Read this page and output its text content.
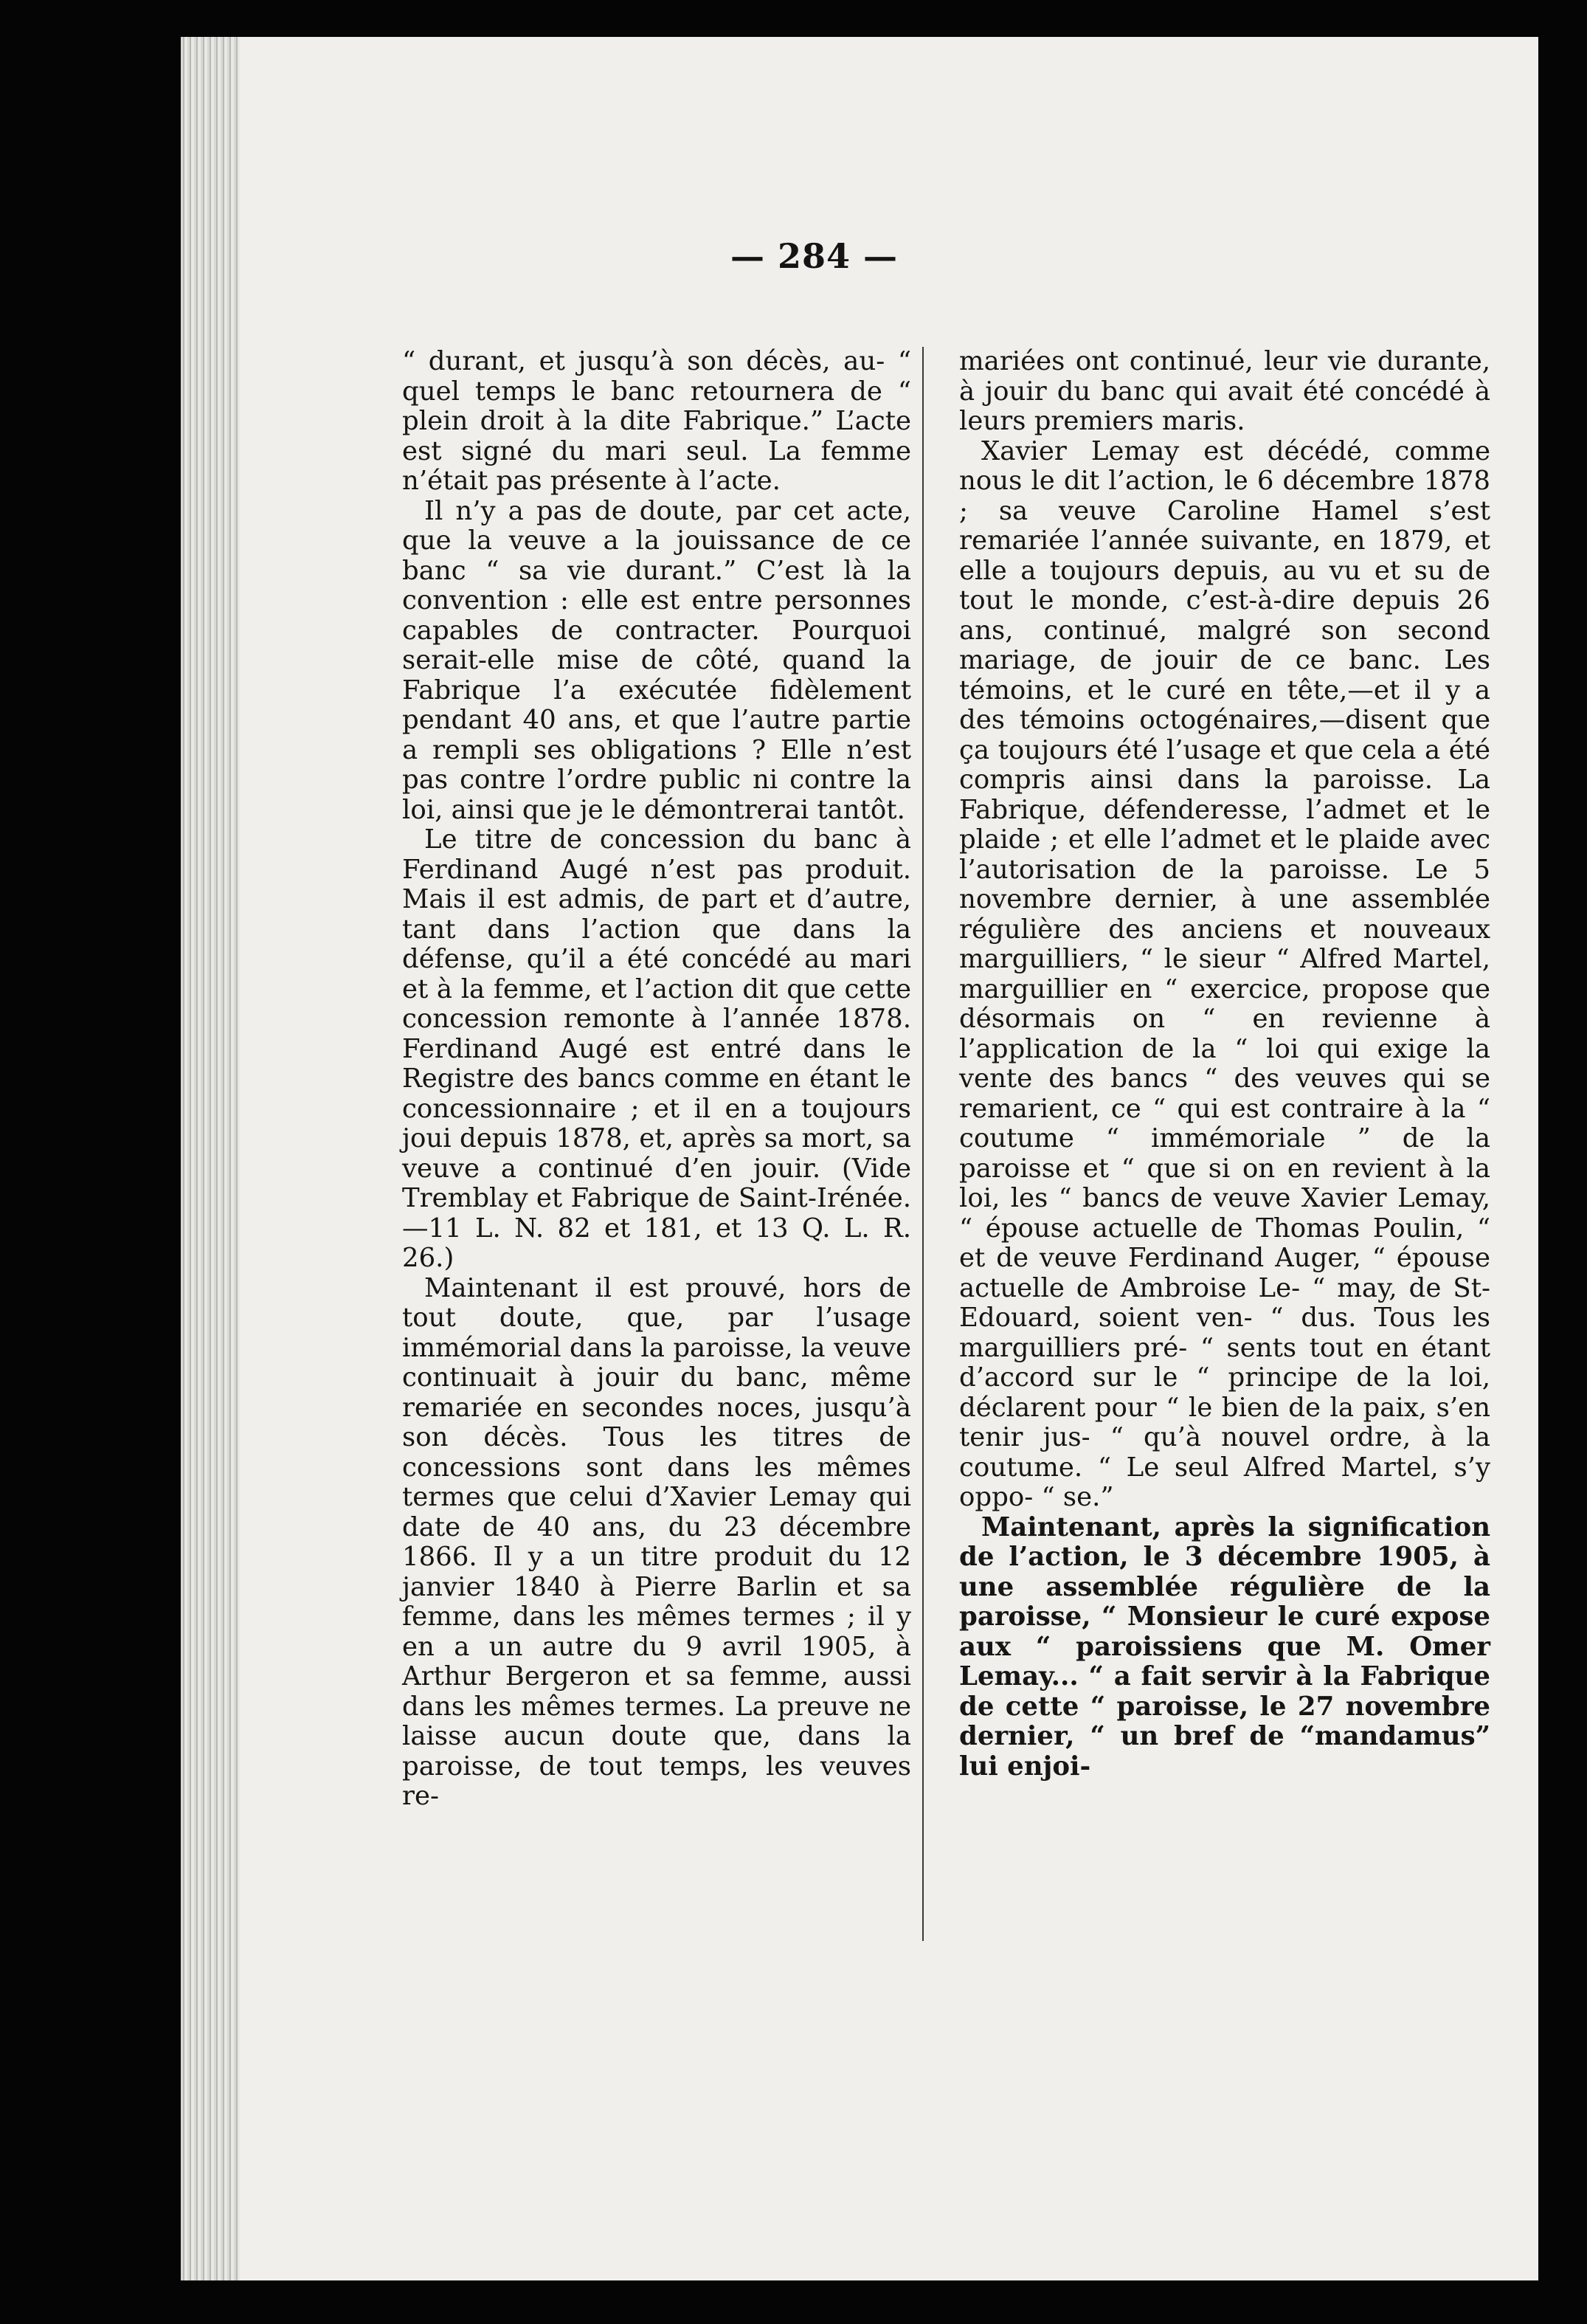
— 284 —

“ durant, et jusqu’à son décès, au- “ quel temps le banc retournera de “ plein droit à la dite Fabrique.” L’acte est signé du mari seul. La femme n’était pas présente à l’acte.

Il n’y a pas de doute, par cet acte, que la veuve a la jouissance de ce banc “ sa vie durant.” C’est là la convention : elle est entre personnes capables de contracter. Pourquoi serait-elle mise de côté, quand la Fabrique l’a exécutée fidèlement pendant 40 ans, et que l’autre partie a rempli ses obligations ? Elle n’est pas contre l’ordre public ni contre la loi, ainsi que je le démontrerai tantôt.

Le titre de concession du banc à Ferdinand Augé n’est pas produit. Mais il est admis, de part et d’autre, tant dans l’action que dans la défense, qu’il a été concédé au mari et à la femme, et l’action dit que cette concession remonte à l’année 1878. Ferdinand Augé est entré dans le Registre des bancs comme en étant le concessionnaire ; et il en a toujours joui depuis 1878, et, après sa mort, sa veuve a continué d’en jouir. (Vide Tremblay et Fabrique de Saint-Irénée.—11 L. N. 82 et 181, et 13 Q. L. R. 26.)

Maintenant il est prouvé, hors de tout doute, que, par l’usage immémorial dans la paroisse, la veuve continuait à jouir du banc, même remariée en secondes noces, jusqu’à son décès. Tous les titres de concessions sont dans les mêmes termes que celui d’Xavier Lemay qui date de 40 ans, du 23 décembre 1866. Il y a un titre produit du 12 janvier 1840 à Pierre Barlin et sa femme, dans les mêmes termes ; il y en a un autre du 9 avril 1905, à Arthur Bergeron et sa femme, aussi dans les mêmes termes. La preuve ne laisse aucun doute que, dans la paroisse, de tout temps, les veuves re-

mariées ont continué, leur vie durante, à jouir du banc qui avait été concédé à leurs premiers maris.

Xavier Lemay est décédé, comme nous le dit l’action, le 6 décembre 1878 ; sa veuve Caroline Hamel s’est remariée l’année suivante, en 1879, et elle a toujours depuis, au vu et su de tout le monde, c’est-à-dire depuis 26 ans, continué, malgré son second mariage, de jouir de ce banc. Les témoins, et le curé en tête,—et il y a des témoins octogénaires,—disent que ça toujours été l’usage et que cela a été compris ainsi dans la paroisse. La Fabrique, défenderesse, l’admet et le plaide ; et elle l’admet et le plaide avec l’autorisation de la paroisse. Le 5 novembre dernier, à une assemblée régulière des anciens et nouveaux marguilliers, “ le sieur “ Alfred Martel, marguillier en “ exercice, propose que désormais on “ en revienne à l’application de la “ loi qui exige la vente des bancs “ des veuves qui se remarient, ce “ qui est contraire à la “ coutume “ immémoriale ” de la paroisse et “ que si on en revient à la loi, les “ bancs de veuve Xavier Lemay, “ épouse actuelle de Thomas Poulin, “ et de veuve Ferdinand Auger, “ épouse actuelle de Ambroise Le- “ may, de St-Edouard, soient ven- “ dus. Tous les marguilliers pré- “ sents tout en étant d’accord sur le “ principe de la loi, déclarent pour “ le bien de la paix, s’en tenir jus- “ qu’à nouvel ordre, à la coutume. “ Le seul Alfred Martel, s’y oppo- “ se.”

Maintenant, après la signification de l’action, le 3 décembre 1905, à une assemblée régulière de la paroisse, “ Monsieur le curé expose aux “ paroissiens que M. Omer Lemay... “ a fait servir à la Fabrique de cette “ paroisse, le 27 novembre dernier, “ un bref de “mandamus” lui enjoi-
